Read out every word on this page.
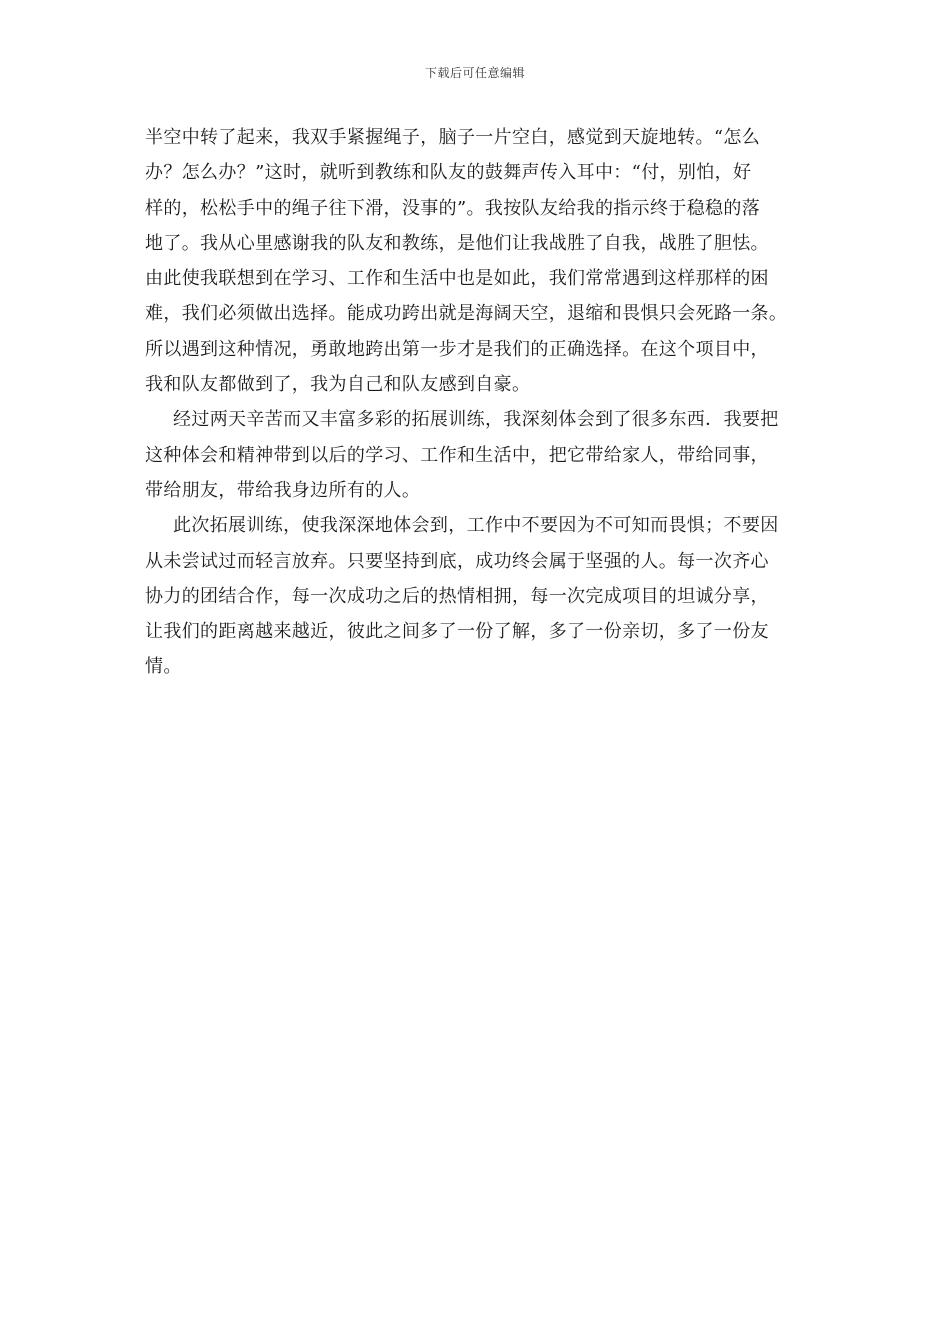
下载后可任意编辑
半空中转了起来，我双手紧握绳子，脑子一片空白，感觉到天旋地转。“怎么
办？怎么办？”这时，就听到教练和队友的鼓舞声传入耳中：“付，别怕，好
样的，松松手中的绳子往下滑，没事的”。我按队友给我的指示终于稳稳的落
地了。我从心里感谢我的队友和教练，是他们让我战胜了自我，战胜了胆怯。
由此使我联想到在学习、工作和生活中也是如此，我们常常遇到这样那样的困
难，我们必须做出选择。能成功跨出就是海阔天空，退缩和畏惧只会死路一条。
所以遇到这种情况，勇敢地跨出第一步才是我们的正确选择。在这个项目中，
我和队友都做到了，我为自己和队友感到自豪。
经过两天辛苦而又丰富多彩的拓展训练，我深刻体会到了很多东西．我要把
这种体会和精神带到以后的学习、工作和生活中，把它带给家人，带给同事，
带给朋友，带给我身边所有的人。
此次拓展训练，使我深深地体会到，工作中不要因为不可知而畏惧；不要因
从未尝试过而轻言放弃。只要坚持到底，成功终会属于坚强的人。每一次齐心
协力的团结合作，每一次成功之后的热情相拥，每一次完成项目的坦诚分享，
让我们的距离越来越近，彼此之间多了一份了解，多了一份亲切，多了一份友
情。
